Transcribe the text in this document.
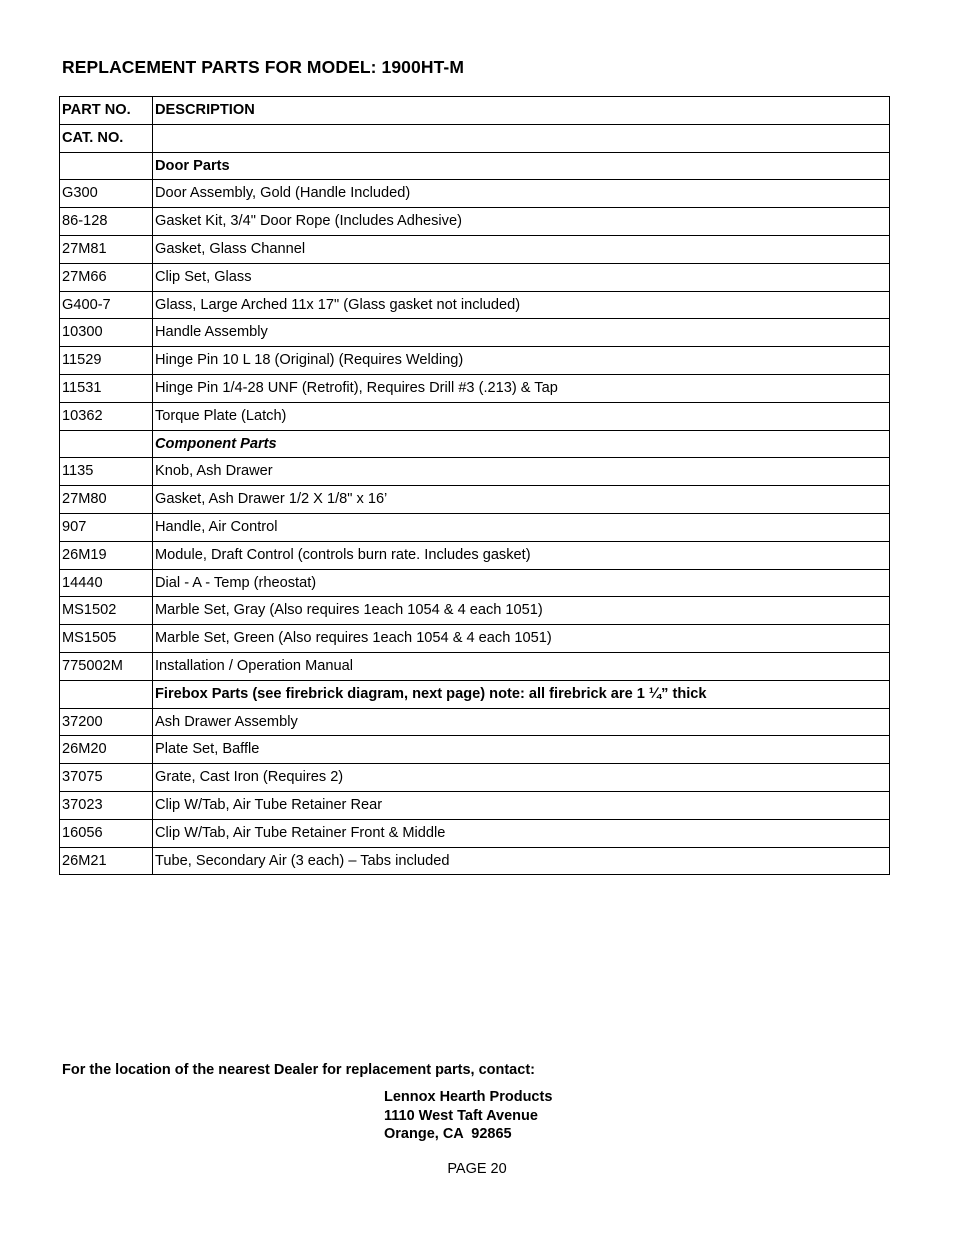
REPLACEMENT PARTS FOR MODEL: 1900HT-M
PART NO.	DESCRIPTION
CAT. NO.	
	Door Parts
G300	Door Assembly, Gold (Handle Included)
86-128	Gasket Kit, 3/4" Door Rope (Includes Adhesive)
27M81	Gasket, Glass Channel
27M66	Clip Set, Glass
G400-7	Glass, Large Arched 11x 17" (Glass gasket not included)
10300	Handle Assembly
11529	Hinge Pin 10 L 18 (Original) (Requires Welding)
11531	Hinge Pin 1/4-28 UNF (Retrofit), Requires Drill #3 (.213) & Tap
10362	Torque Plate (Latch)
	Component Parts
1135	Knob, Ash Drawer
27M80	Gasket, Ash Drawer 1/2 X 1/8" x 16’
907	Handle, Air Control
26M19	Module, Draft Control (controls burn rate. Includes gasket)
14440	Dial - A - Temp (rheostat)
MS1502	Marble Set, Gray (Also requires 1each 1054 & 4 each 1051)
MS1505	Marble Set, Green (Also requires 1each 1054 & 4 each 1051)
775002M	Installation / Operation Manual
	Firebox Parts (see firebrick diagram, next page) note: all firebrick are 1 ¼” thick
37200	Ash Drawer Assembly
26M20	Plate Set, Baffle
37075	Grate, Cast Iron (Requires 2)
37023	Clip W/Tab, Air Tube Retainer Rear
16056	Clip W/Tab, Air Tube Retainer Front & Middle
26M21	Tube, Secondary Air (3 each) – Tabs included
For the location of the nearest Dealer for replacement parts, contact:
Lennox Hearth Products
1110 West Taft Avenue
Orange, CA  92865
PAGE 20
